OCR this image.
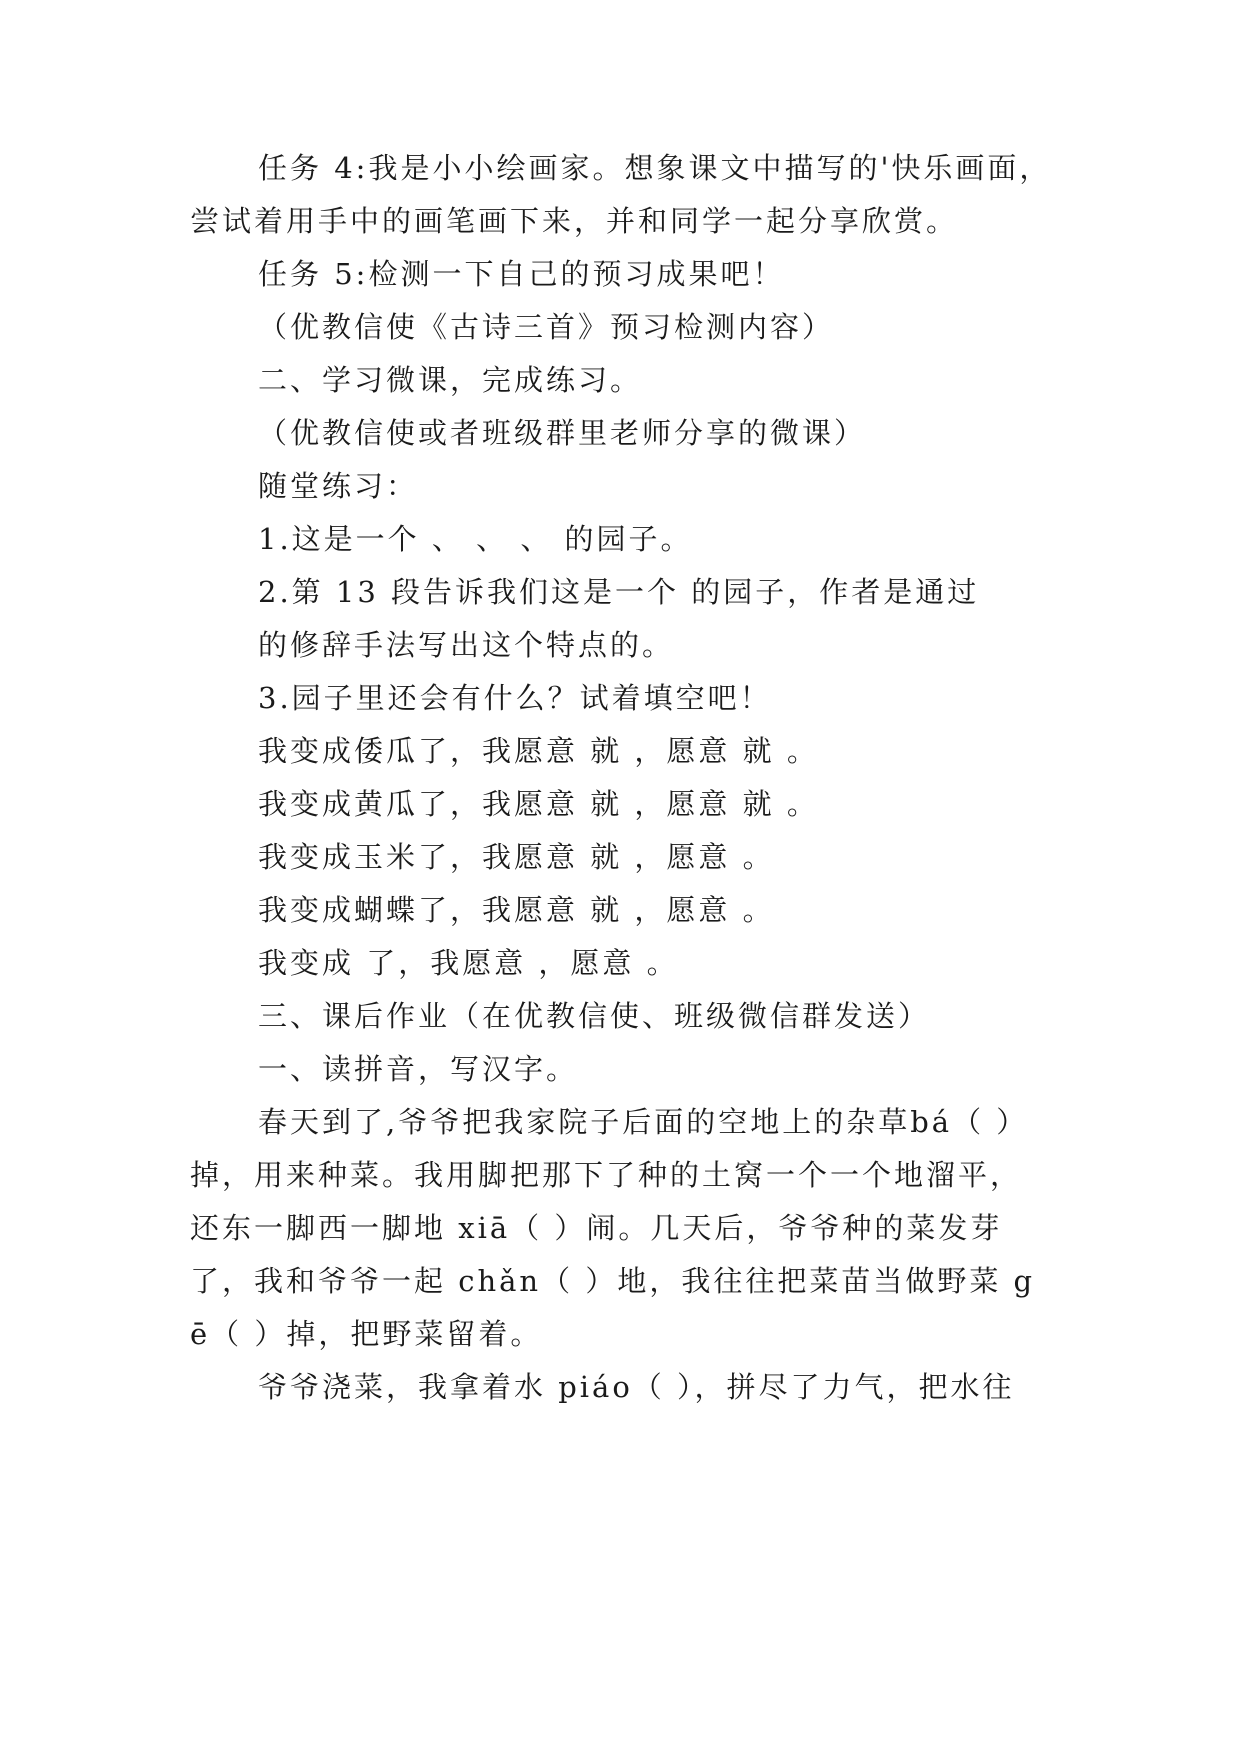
任务 4:我是小小绘画家。想象课文中描写的'快乐画面，
尝试着用手中的画笔画下来，并和同学一起分享欣赏。
任务 5:检测一下自己的预习成果吧！
（优教信使《古诗三首》预习检测内容）
二、学习微课，完成练习。
（优教信使或者班级群里老师分享的微课）
随堂练习：
1.这是一个 、 、 、 的园子。
2.第 13 段告诉我们这是一个 的园子，作者是通过
的修辞手法写出这个特点的。
3.园子里还会有什么？试着填空吧！
我变成倭瓜了，我愿意 就 ，愿意 就 。
我变成黄瓜了，我愿意 就 ，愿意 就 。
我变成玉米了，我愿意 就 ，愿意 。
我变成蝴蝶了，我愿意 就 ，愿意 。
我变成 了，我愿意 ，愿意 。
三、课后作业（在优教信使、班级微信群发送）
一、读拼音，写汉字。
春天到了,爷爷把我家院子后面的空地上的杂草bá（ ）
掉，用来种菜。我用脚把那下了种的土窝一个一个地溜平，
还东一脚西一脚地 xiā（ ）闹。几天后，爷爷种的菜发芽
了，我和爷爷一起 chǎn（ ）地，我往往把菜苗当做野菜 g
ē（ ）掉，把野菜留着。
爷爷浇菜，我拿着水 piáo（ ），拼尽了力气，把水往
